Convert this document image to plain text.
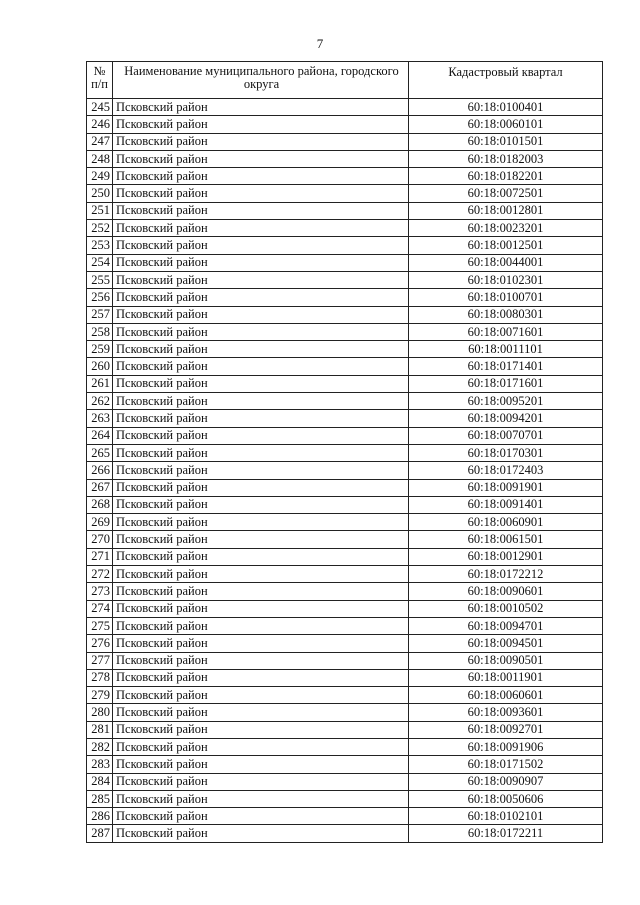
7
№
п/п	Наименование муниципального района, городского округа	Кадастровый квартал
245	Псковский район	60:18:0100401
246	Псковский район	60:18:0060101
247	Псковский район	60:18:0101501
248	Псковский район	60:18:0182003
249	Псковский район	60:18:0182201
250	Псковский район	60:18:0072501
251	Псковский район	60:18:0012801
252	Псковский район	60:18:0023201
253	Псковский район	60:18:0012501
254	Псковский район	60:18:0044001
255	Псковский район	60:18:0102301
256	Псковский район	60:18:0100701
257	Псковский район	60:18:0080301
258	Псковский район	60:18:0071601
259	Псковский район	60:18:0011101
260	Псковский район	60:18:0171401
261	Псковский район	60:18:0171601
262	Псковский район	60:18:0095201
263	Псковский район	60:18:0094201
264	Псковский район	60:18:0070701
265	Псковский район	60:18:0170301
266	Псковский район	60:18:0172403
267	Псковский район	60:18:0091901
268	Псковский район	60:18:0091401
269	Псковский район	60:18:0060901
270	Псковский район	60:18:0061501
271	Псковский район	60:18:0012901
272	Псковский район	60:18:0172212
273	Псковский район	60:18:0090601
274	Псковский район	60:18:0010502
275	Псковский район	60:18:0094701
276	Псковский район	60:18:0094501
277	Псковский район	60:18:0090501
278	Псковский район	60:18:0011901
279	Псковский район	60:18:0060601
280	Псковский район	60:18:0093601
281	Псковский район	60:18:0092701
282	Псковский район	60:18:0091906
283	Псковский район	60:18:0171502
284	Псковский район	60:18:0090907
285	Псковский район	60:18:0050606
286	Псковский район	60:18:0102101
287	Псковский район	60:18:0172211
